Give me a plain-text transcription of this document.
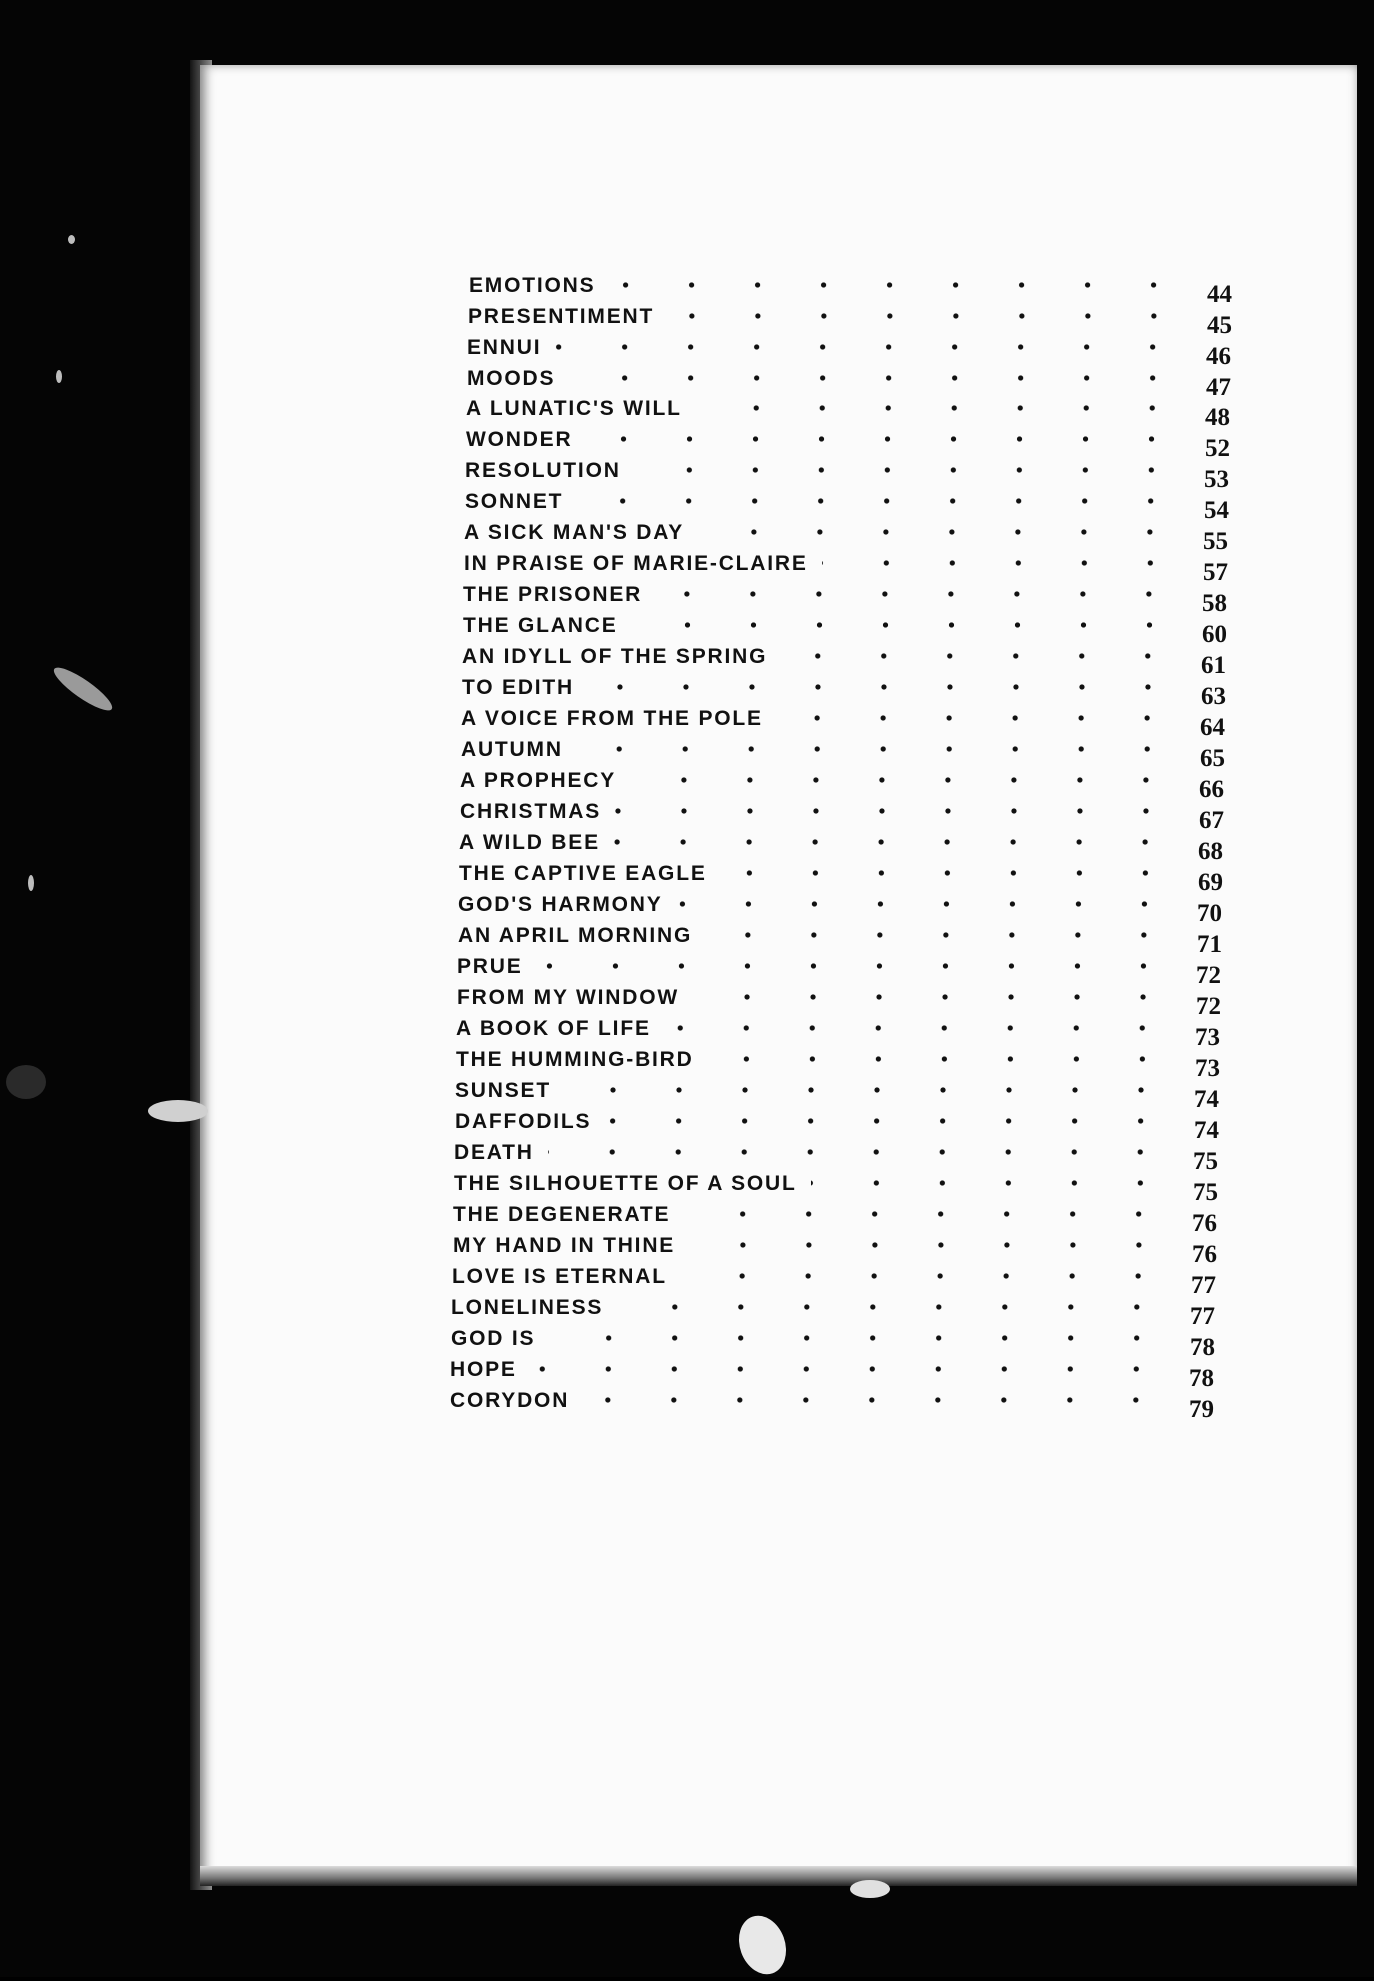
EMOTIONS	44
PRESENTIMENT	45
ENNUI	46
MOODS	47
A LUNATIC'S WILL	48
WONDER	52
RESOLUTION	53
SONNET	54
A SICK MAN'S DAY	55
IN PRAISE OF MARIE-CLAIRE	57
THE PRISONER	58
THE GLANCE	60
AN IDYLL OF THE SPRING	61
TO EDITH	63
A VOICE FROM THE POLE	64
AUTUMN	65
A PROPHECY	66
CHRISTMAS	67
A WILD BEE	68
THE CAPTIVE EAGLE	69
GOD'S HARMONY	70
AN APRIL MORNING	71
PRUE	72
FROM MY WINDOW	72
A BOOK OF LIFE	73
THE HUMMING-BIRD	73
SUNSET	74
DAFFODILS	74
DEATH	75
THE SILHOUETTE OF A SOUL	75
THE DEGENERATE	76
MY HAND IN THINE	76
LOVE IS ETERNAL	77
LONELINESS	77
GOD IS	78
HOPE	78
CORYDON	79
